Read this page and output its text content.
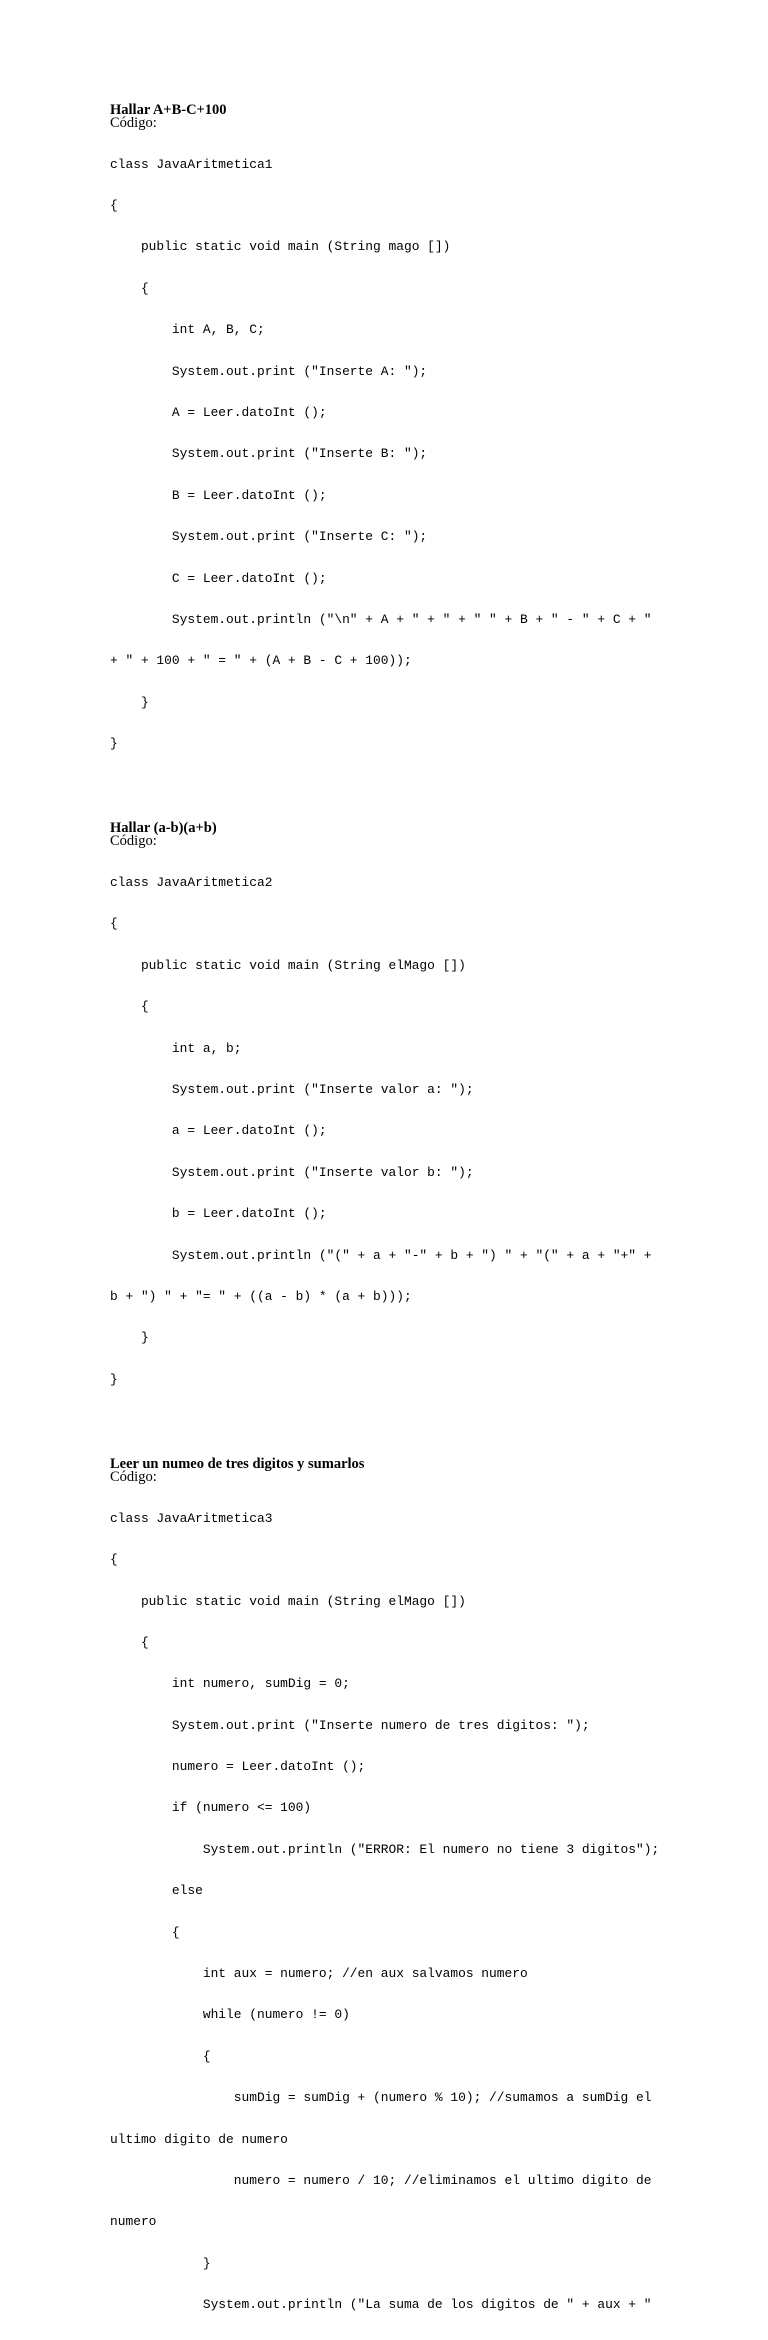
Hallar A+B-C+100
Código:

class JavaAritmetica1

{

public static void main (String mago [])

{

int A, B, C;

System.out.print ("Inserte A: ");

A = Leer.datoInt ();

System.out.print ("Inserte B: ");

B = Leer.datoInt ();

System.out.print ("Inserte C: ");

C = Leer.datoInt ();

System.out.println ("\n" + A + " + " + " " + B + " - " + C + "

+ " + 100 + " = " + (A + B - C + 100));

}

}

Hallar (a-b)(a+b)
Código:

class JavaAritmetica2

{

public static void main (String elMago [])

{

int a, b;

System.out.print ("Inserte valor a: ");

a = Leer.datoInt ();

System.out.print ("Inserte valor b: ");

b = Leer.datoInt ();

System.out.println ("(" + a + "-" + b + ") " + "(" + a + "+" +

b + ") " + "= " + ((a - b) * (a + b)));

}

}

Leer un numeo de tres digitos y sumarlos
Código:

class JavaAritmetica3

{

public static void main (String elMago [])

{

int numero, sumDig = 0;

System.out.print ("Inserte numero de tres digitos: ");

numero = Leer.datoInt ();

if (numero <= 100)

System.out.println ("ERROR: El numero no tiene 3 digitos");

else

{

int aux = numero; //en aux salvamos numero

while (numero != 0)

{

sumDig = sumDig + (numero % 10); //sumamos a sumDig el

ultimo digito de numero

numero = numero / 10; //eliminamos el ultimo digito de

numero

}

System.out.println ("La suma de los digitos de " + aux + "
